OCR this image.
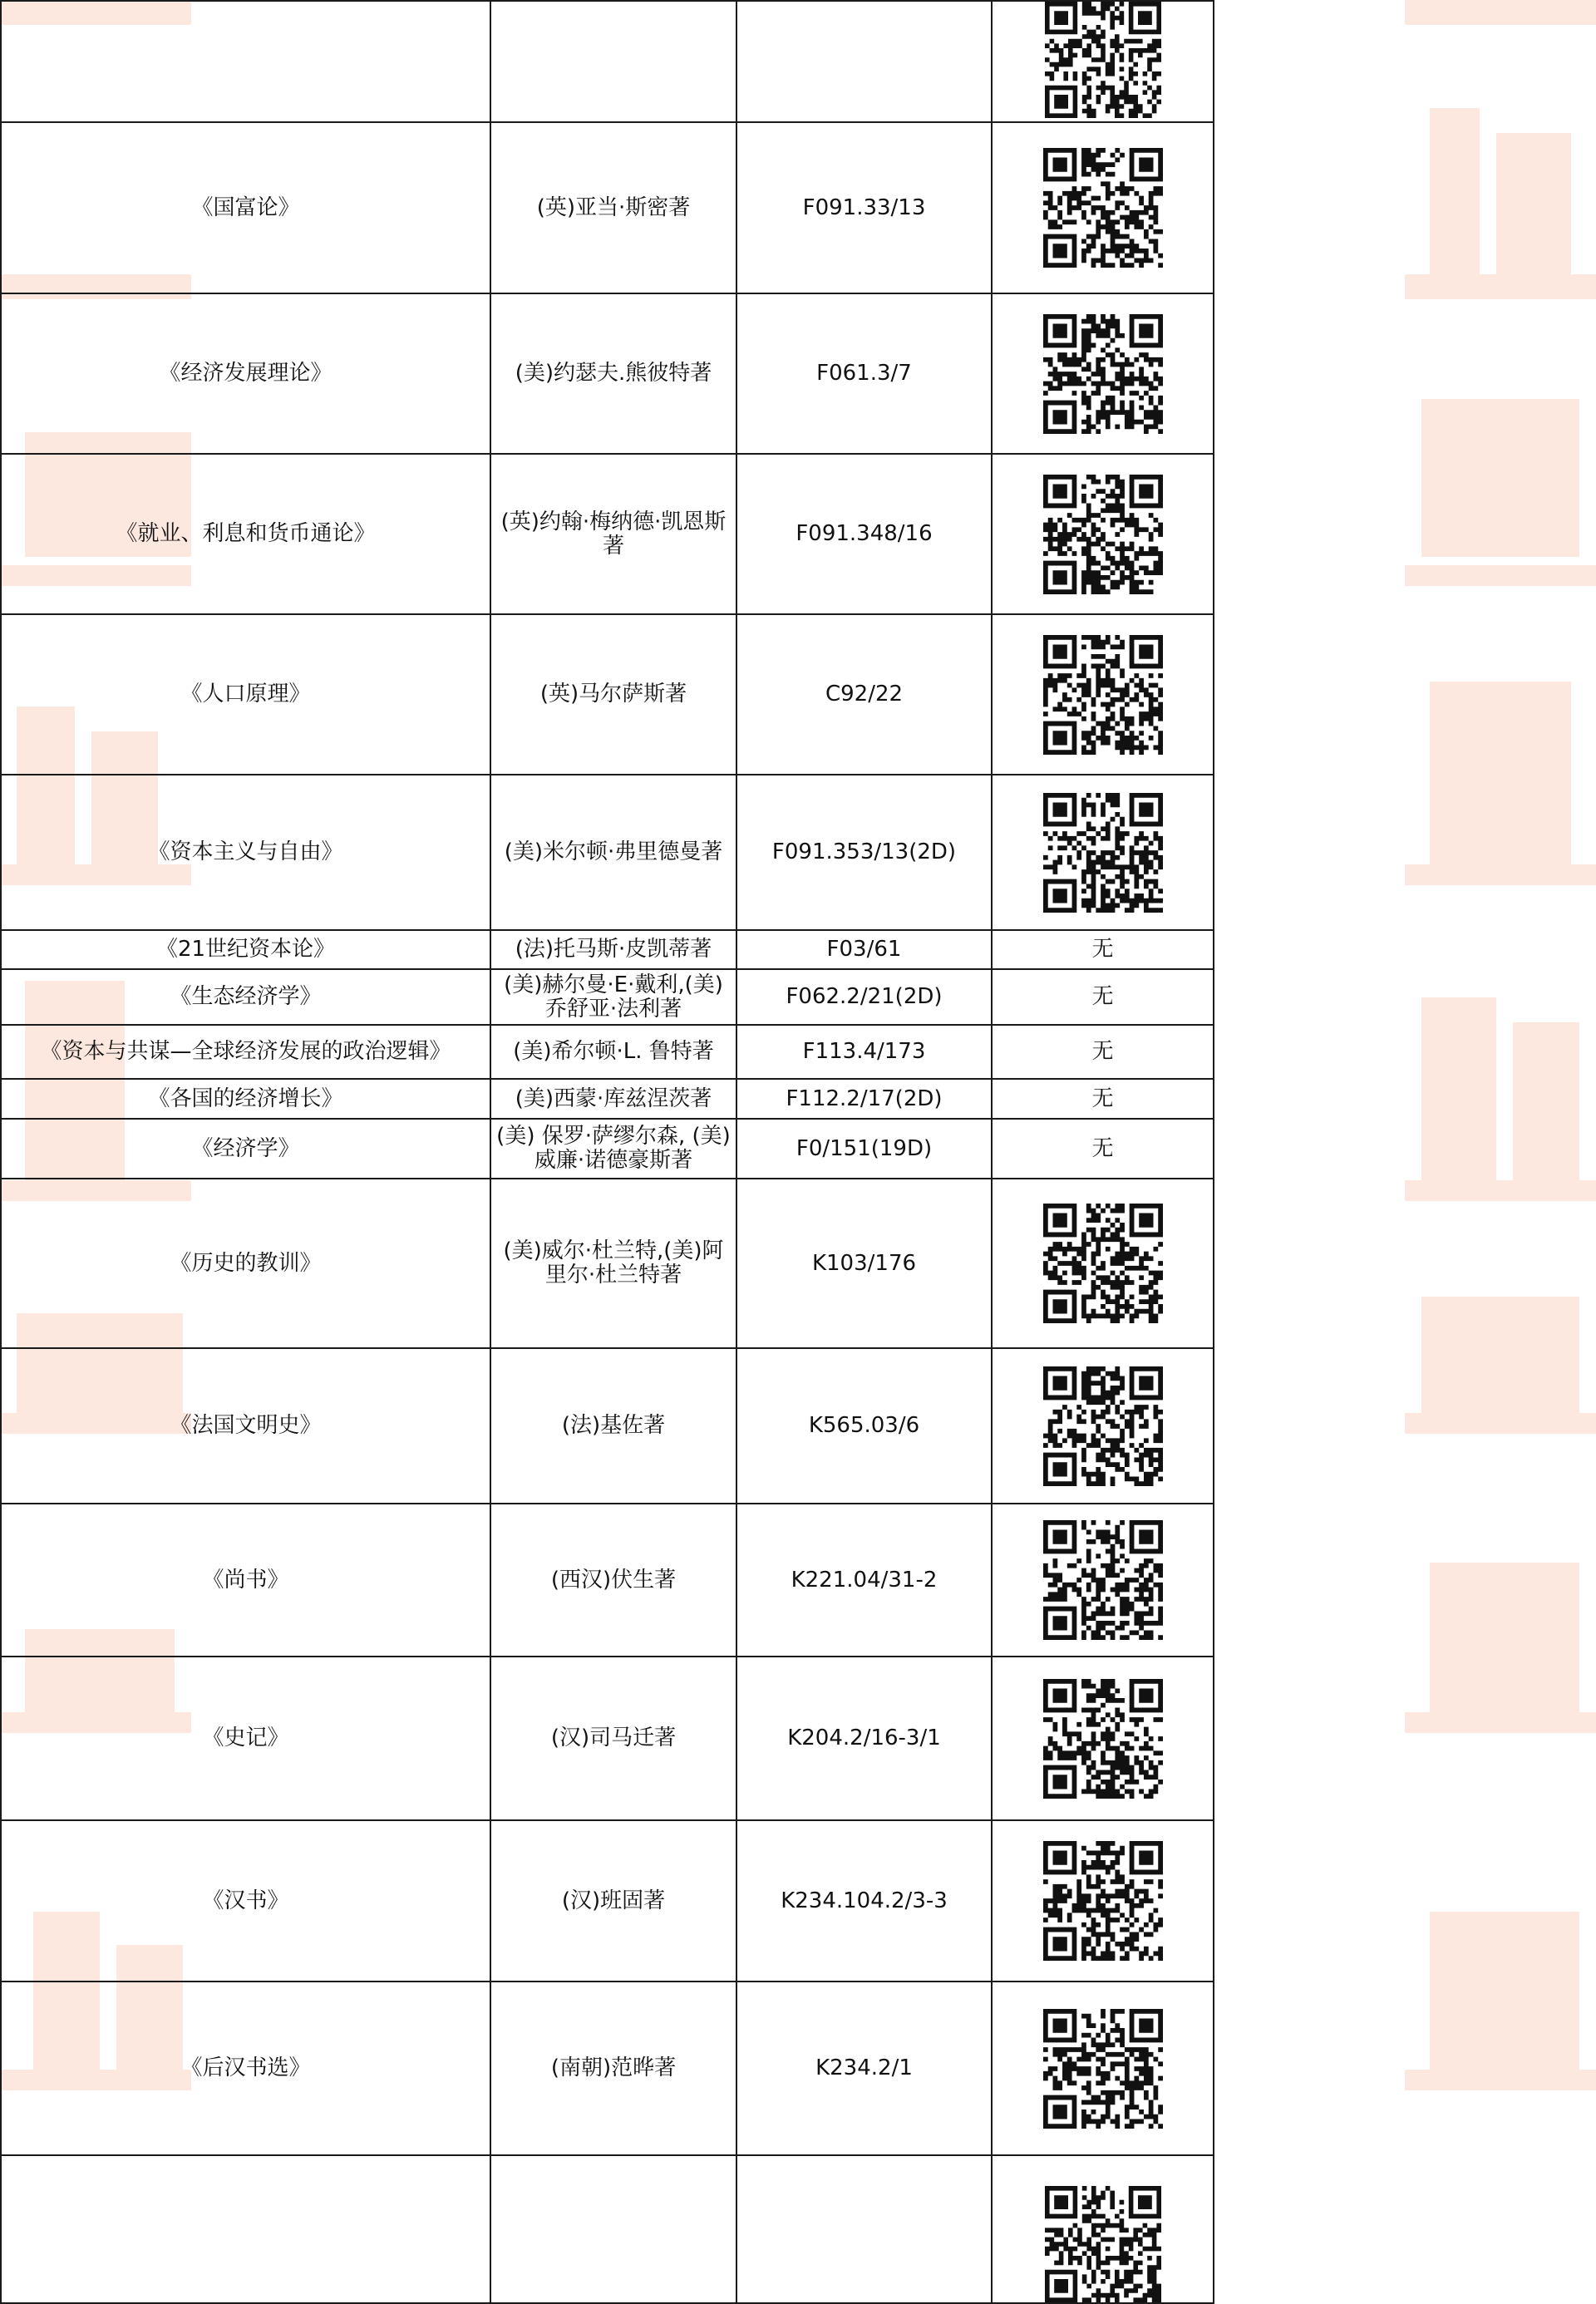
《国富论》	(英)亚当·斯密著	F091.33/13	

《经济发展理论》	(美)约瑟夫.熊彼特著	F061.3/7	

《就业、利息和货币通论》	(英)约翰·梅纳德·凯恩斯著	F091.348/16	

《人口原理》	(英)马尔萨斯著	C92/22	

《资本主义与自由》	(美)米尔顿·弗里德曼著	F091.353/13(2D)	

《21世纪资本论》	(法)托马斯·皮凯蒂著	F03/61	无
《生态经济学》	(美)赫尔曼·E·戴利,(美)乔舒亚·法利著	F062.2/21(2D)	无
《资本与共谋—全球经济发展的政治逻辑》	(美)希尔顿·L. 鲁特著	F113.4/173	无
《各国的经济增长》	(美)西蒙·库兹涅茨著	F112.2/17(2D)	无
《经济学》	(美) 保罗·萨缪尔森, (美)威廉·诺德豪斯著	F0/151(19D)	无
《历史的教训》	(美)威尔·杜兰特,(美)阿里尔·杜兰特著	K103/176	

《法国文明史》	(法)基佐著	K565.03/6	

《尚书》	(西汉)伏生著	K221.04/31-2	

《史记》	(汉)司马迁著	K204.2/16-3/1	

《汉书》	(汉)班固著	K234.104.2/3-3	

《后汉书选》	(南朝)范晔著	K234.2/1	
